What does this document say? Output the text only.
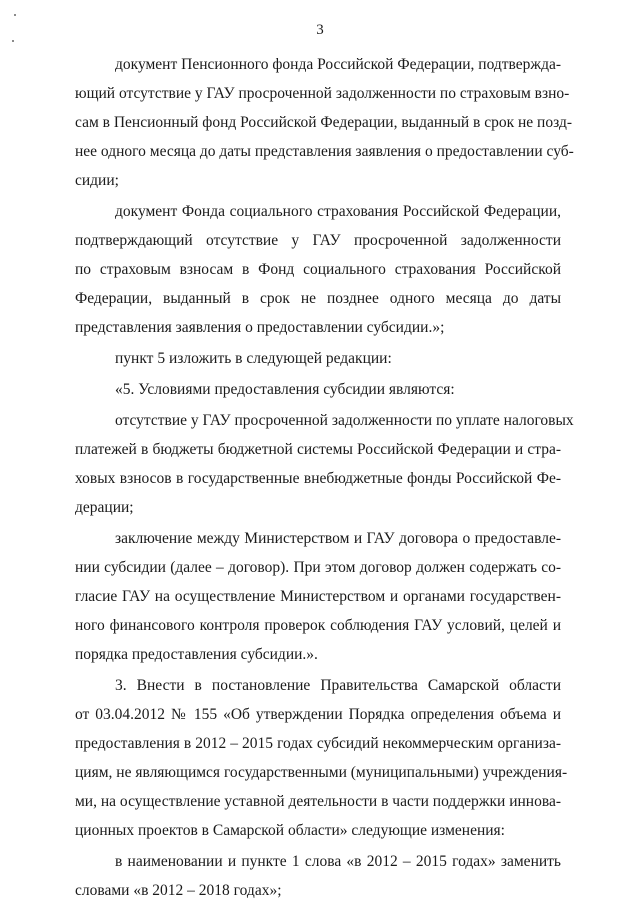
3
документ Пенсионного фонда Российской Федерации, подтвержда-
ющий отсутствие у ГАУ просроченной задолженности по страховым взно-
сам в Пенсионный фонд Российской Федерации, выданный в срок не позд-
нее одного месяца до даты представления заявления о предоставлении суб-
сидии;
документ Фонда социального страхования Российской Федерации,
подтверждающий отсутствие у ГАУ просроченной задолженности
по страховым взносам в Фонд социального страхования Российской
Федерации, выданный в срок не позднее одного месяца до даты
представления заявления о предоставлении субсидии.»;
пункт 5 изложить в следующей редакции:
«5. Условиями предоставления субсидии являются:
отсутствие у ГАУ просроченной задолженности по уплате налоговых
платежей в бюджеты бюджетной системы Российской Федерации и стра-
ховых взносов в государственные внебюджетные фонды Российской Фе-
дерации;
заключение между Министерством и ГАУ договора о предоставле-
нии субсидии (далее – договор). При этом договор должен содержать со-
гласие ГАУ на осуществление Министерством и органами государствен-
ного финансового контроля проверок соблюдения ГАУ условий, целей и
порядка предоставления субсидии.».
3. Внести в постановление Правительства Самарской области
от 03.04.2012 № 155 «Об утверждении Порядка определения объема и
предоставления в 2012 – 2015 годах субсидий некоммерческим организа-
циям, не являющимся государственными (муниципальными) учреждения-
ми, на осуществление уставной деятельности в части поддержки иннова-
ционных проектов в Самарской области» следующие изменения:
в наименовании и пункте 1 слова «в 2012 – 2015 годах» заменить
словами «в 2012 – 2018 годах»;
